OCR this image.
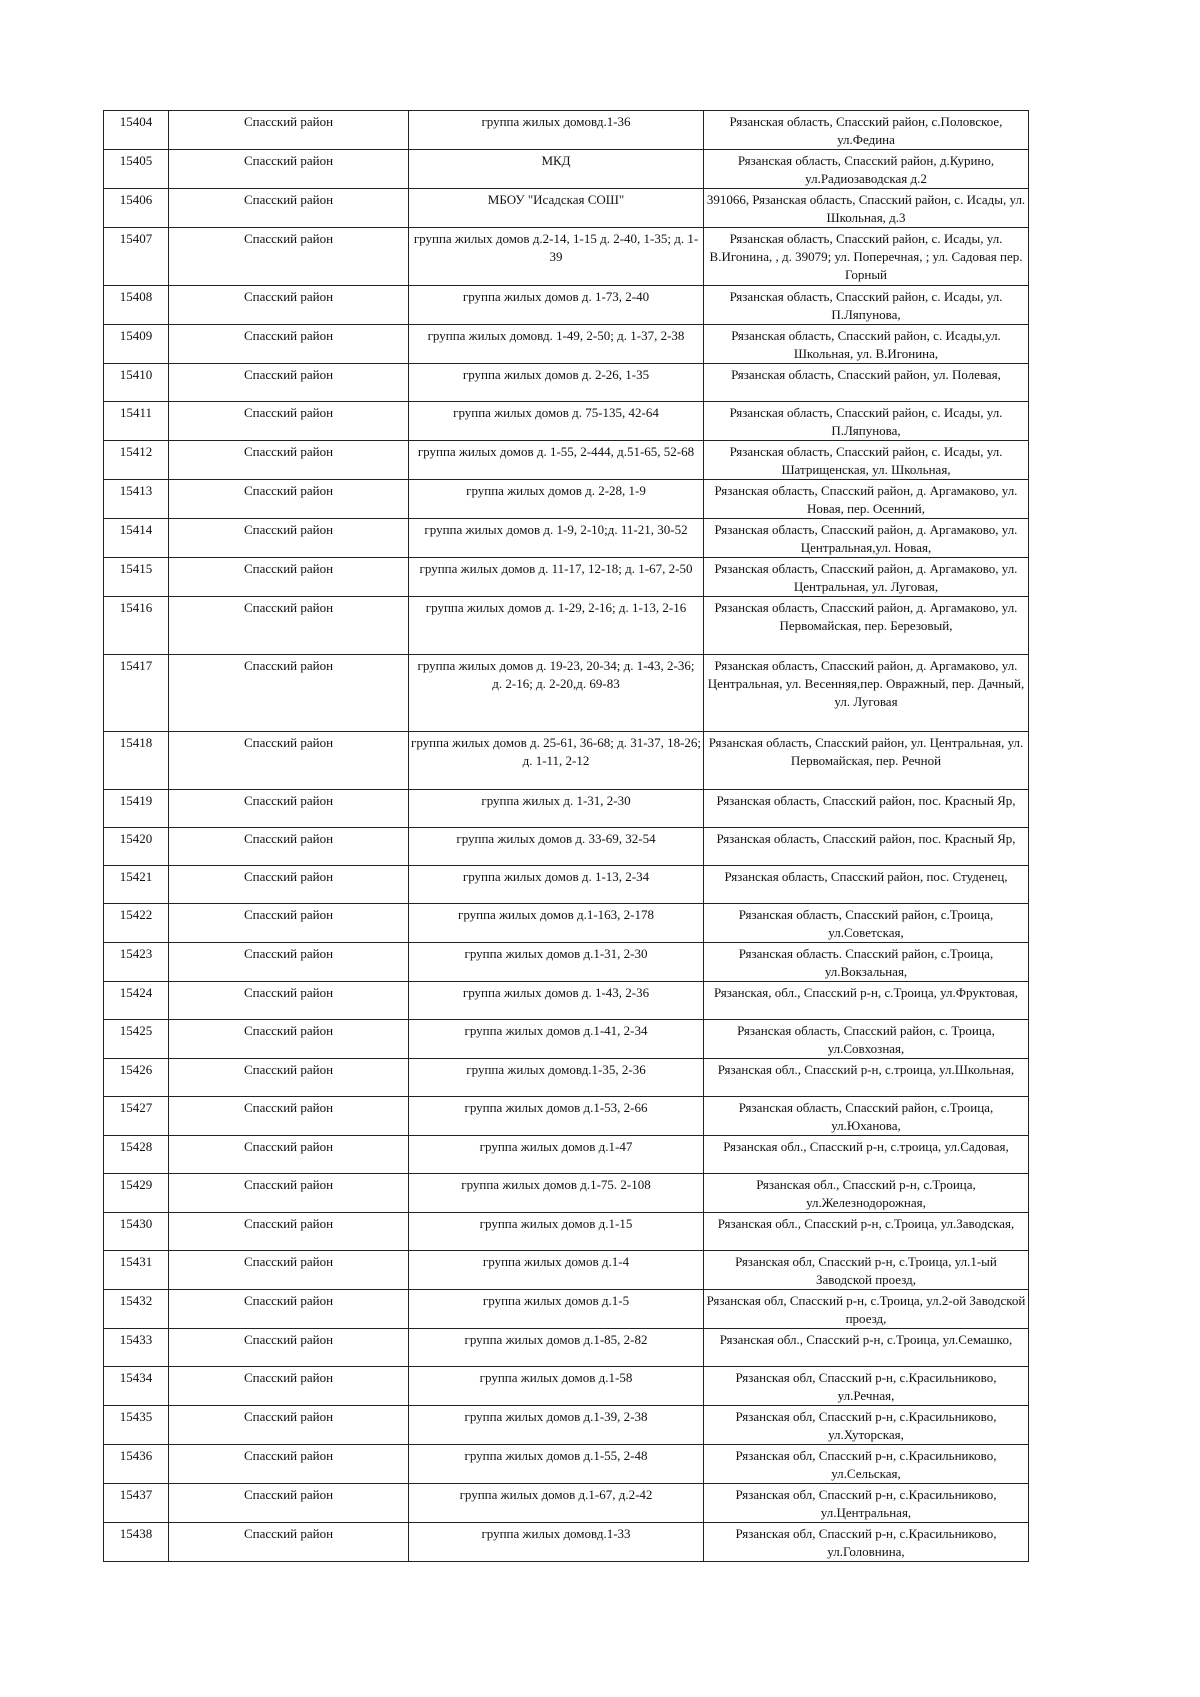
15404	Спасский район	группа жилых домовд.1-36	Рязанская область, Спасский район, с.Половское, ул.Федина
15405	Спасский район	МКД	Рязанская область, Спасский район, д.Курино, ул.Радиозаводская д.2
15406	Спасский район	МБОУ "Исадская СОШ"	391066, Рязанская область, Спасский район, с. Исады, ул. Школьная, д.3
15407	Спасский район	группа жилых домов д.2-14, 1-15 д. 2-40, 1-35; д. 1-39	Рязанская область, Спасский район, с. Исады, ул. В.Игонина, , д. 39079; ул. Поперечная, ; ул. Садовая пер. Горный
15408	Спасский район	группа жилых домов д. 1-73, 2-40	Рязанская область, Спасский район, с. Исады, ул. П.Ляпунова,
15409	Спасский район	группа жилых домовд. 1-49, 2-50; д. 1-37, 2-38	Рязанская область, Спасский район, с. Исады,ул. Школьная, ул. В.Игонина,
15410	Спасский район	группа жилых домов д. 2-26, 1-35	Рязанская область, Спасский район, ул. Полевая,
15411	Спасский район	группа жилых домов д. 75-135, 42-64	Рязанская область, Спасский район, с. Исады, ул. П.Ляпунова,
15412	Спасский район	группа жилых домов д. 1-55, 2-444, д.51-65, 52-68	Рязанская область, Спасский район, с. Исады, ул. Шатрищенская, ул. Школьная,
15413	Спасский район	группа жилых домов д. 2-28, 1-9	Рязанская область, Спасский район, д. Аргамаково, ул. Новая, пер. Осенний,
15414	Спасский район	группа жилых домов д. 1-9, 2-10;д. 11-21, 30-52	Рязанская область, Спасский район, д. Аргамаково, ул. Центральная,ул. Новая,
15415	Спасский район	группа жилых домов д. 11-17, 12-18; д. 1-67, 2-50	Рязанская область, Спасский район, д. Аргамаково, ул. Центральная, ул. Луговая,
15416	Спасский район	группа жилых домов д. 1-29, 2-16; д. 1-13, 2-16	Рязанская область, Спасский район, д. Аргамаково, ул. Первомайская, пер. Березовый,
15417	Спасский район	группа жилых домов д. 19-23, 20-34; д. 1-43, 2-36; д. 2-16; д. 2-20,д. 69-83	Рязанская область, Спасский район, д. Аргамаково, ул. Центральная, ул. Весенняя,пер. Овражный, пер. Дачный, ул. Луговая
15418	Спасский район	группа жилых домов д. 25-61, 36-68; д. 31-37, 18-26; д. 1-11, 2-12	Рязанская область, Спасский район, ул. Центральная, ул. Первомайская, пер. Речной
15419	Спасский район	группа жилых д. 1-31, 2-30	Рязанская область, Спасский район, пос. Красный Яр,
15420	Спасский район	группа жилых домов д. 33-69, 32-54	Рязанская область, Спасский район, пос. Красный Яр,
15421	Спасский район	группа жилых домов д. 1-13, 2-34	Рязанская область, Спасский район, пос. Студенец,
15422	Спасский район	группа жилых домов д.1-163, 2-178	Рязанская область, Спасский район, с.Троица, ул.Советская,
15423	Спасский район	группа жилых домов д.1-31, 2-30	Рязанская область. Спасский район, с.Троица, ул.Вокзальная,
15424	Спасский район	группа жилых домов д. 1-43, 2-36	Рязанская, обл., Спасский р-н, с.Троица, ул.Фруктовая,
15425	Спасский район	группа жилых домов д.1-41, 2-34	Рязанская область, Спасский район, с. Троица, ул.Совхозная,
15426	Спасский район	группа жилых домовд.1-35, 2-36	Рязанская обл., Спасский р-н, с.троица, ул.Школьная,
15427	Спасский район	группа жилых домов д.1-53, 2-66	Рязанская область, Спасский район, с.Троица, ул.Юханова,
15428	Спасский район	группа жилых домов д.1-47	Рязанская обл., Спасский р-н, с.троица, ул.Садовая,
15429	Спасский район	группа жилых домов д.1-75. 2-108	Рязанская обл., Спасский р-н, с.Троица, ул.Железнодорожная,
15430	Спасский район	группа жилых домов д.1-15	Рязанская обл., Спасский р-н, с.Троица, ул.Заводская,
15431	Спасский район	группа жилых домов д.1-4	Рязанская обл, Спасский р-н, с.Троица, ул.1-ый Заводской проезд,
15432	Спасский район	группа жилых домов д.1-5	Рязанская обл, Спасский р-н, с.Троица, ул.2-ой Заводской проезд,
15433	Спасский район	группа жилых домов д.1-85, 2-82	Рязанская обл., Спасский р-н, с.Троица, ул.Семашко,
15434	Спасский район	группа жилых домов д.1-58	Рязанская обл, Спасский р-н, с.Красильниково, ул.Речная,
15435	Спасский район	группа жилых домов д.1-39, 2-38	Рязанская обл, Спасский р-н, с.Красильниково, ул.Хуторская,
15436	Спасский район	группа жилых домов д.1-55, 2-48	Рязанская обл, Спасский р-н, с.Красильниково, ул.Сельская,
15437	Спасский район	группа жилых домов д.1-67, д.2-42	Рязанская обл, Спасский р-н, с.Красильниково, ул.Центральная,
15438	Спасский район	группа жилых домовд.1-33	Рязанская обл, Спасский р-н, с.Красильниково, ул.Головнина,
